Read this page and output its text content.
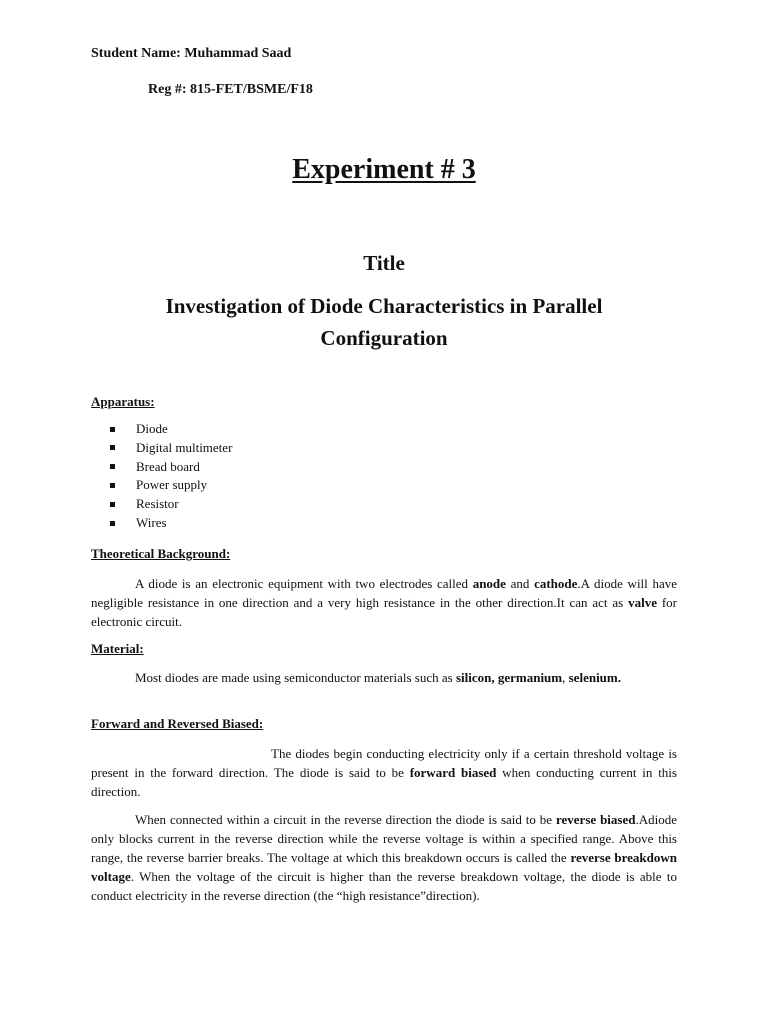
Student Name: Muhammad Saad
Reg #: 815-FET/BSME/F18
Experiment # 3
Title
Investigation of Diode Characteristics in Parallel Configuration
Apparatus:
Diode
Digital multimeter
Bread board
Power supply
Resistor
Wires
Theoretical Background:

A diode is an electronic equipment with two electrodes called anode and cathode.A diode will have negligible resistance in one direction and a very high resistance in the other direction.It can act as valve for electronic circuit.

Material:

Most diodes are made using semiconductor materials such as silicon, germanium, selenium.

Forward and Reversed Biased:

The diodes begin conducting electricity only if a certain threshold voltage is present in the forward direction. The diode is said to be forward biased when conducting current in this direction.

When connected within a circuit in the reverse direction the diode is said to be reverse biased.Adiode only blocks current in the reverse direction while the reverse voltage is within a specified range. Above this range, the reverse barrier breaks. The voltage at which this breakdown occurs is called the reverse breakdown voltage. When the voltage of the circuit is higher than the reverse breakdown voltage, the diode is able to conduct electricity in the reverse direction (the “high resistance”direction).
